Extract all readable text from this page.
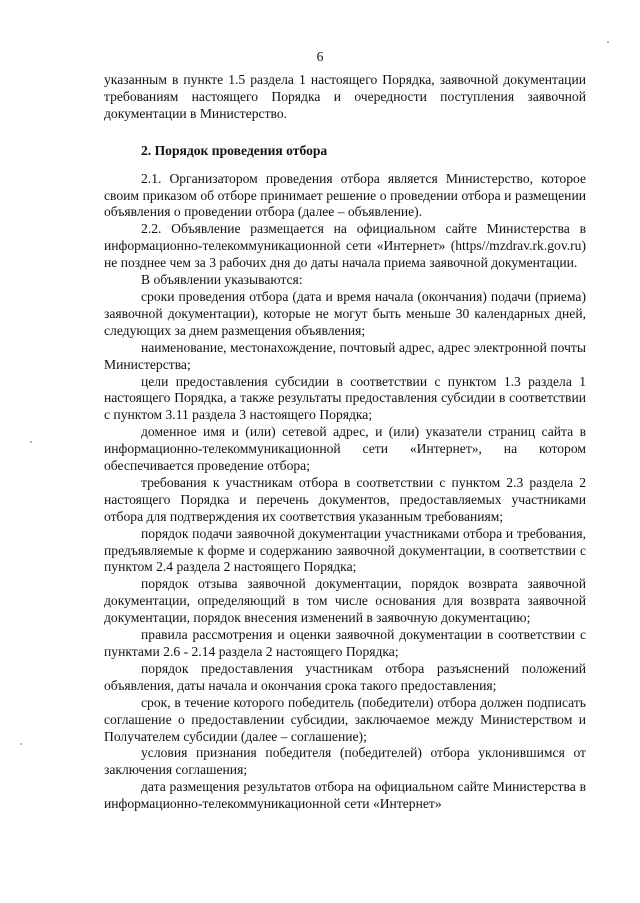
6

указанным в пункте 1.5 раздела 1 настоящего Порядка, заявочной документации требованиям настоящего Порядка и очередности поступления заявочной документации в Министерство.

2. Порядок проведения отбора

2.1. Организатором проведения отбора является Министерство, которое своим приказом об отборе принимает решение о проведении отбора и размещении объявления о проведении отбора (далее – объявление).

2.2. Объявление размещается на официальном сайте Министерства в информационно-телекоммуникационной сети «Интернет» (https//mzdrav.rk.gov.ru) не позднее чем за 3 рабочих дня до даты начала приема заявочной документации.

В объявлении указываются:

сроки проведения отбора (дата и время начала (окончания) подачи (приема) заявочной документации), которые не могут быть меньше 30 календарных дней, следующих за днем размещения объявления;

наименование, местонахождение, почтовый адрес, адрес электронной почты Министерства;

цели предоставления субсидии в соответствии с пунктом 1.3 раздела 1 настоящего Порядка, а также результаты предоставления субсидии в соответствии с пунктом 3.11 раздела 3 настоящего Порядка;

доменное имя и (или) сетевой адрес, и (или) указатели страниц сайта в информационно-телекоммуникационной сети «Интернет», на котором обеспечивается проведение отбора;

требования к участникам отбора в соответствии с пунктом 2.3 раздела 2 настоящего Порядка и перечень документов, предоставляемых участниками отбора для подтверждения их соответствия указанным требованиям;

порядок подачи заявочной документации участниками отбора и требования, предъявляемые к форме и содержанию заявочной документации, в соответствии с пунктом 2.4 раздела 2 настоящего Порядка;

порядок отзыва заявочной документации, порядок возврата заявочной документации, определяющий в том числе основания для возврата заявочной документации, порядок внесения изменений в заявочную документацию;

правила рассмотрения и оценки заявочной документации в соответствии с пунктами 2.6 - 2.14 раздела 2 настоящего Порядка;

порядок предоставления участникам отбора разъяснений положений объявления, даты начала и окончания срока такого предоставления;

срок, в течение которого победитель (победители) отбора должен подписать соглашение о предоставлении субсидии, заключаемое между Министерством и Получателем субсидии (далее – соглашение);

условия признания победителя (победителей) отбора уклонившимся от заключения соглашения;

дата размещения результатов отбора на официальном сайте Министерства в информационно-телекоммуникационной сети «Интернет»
